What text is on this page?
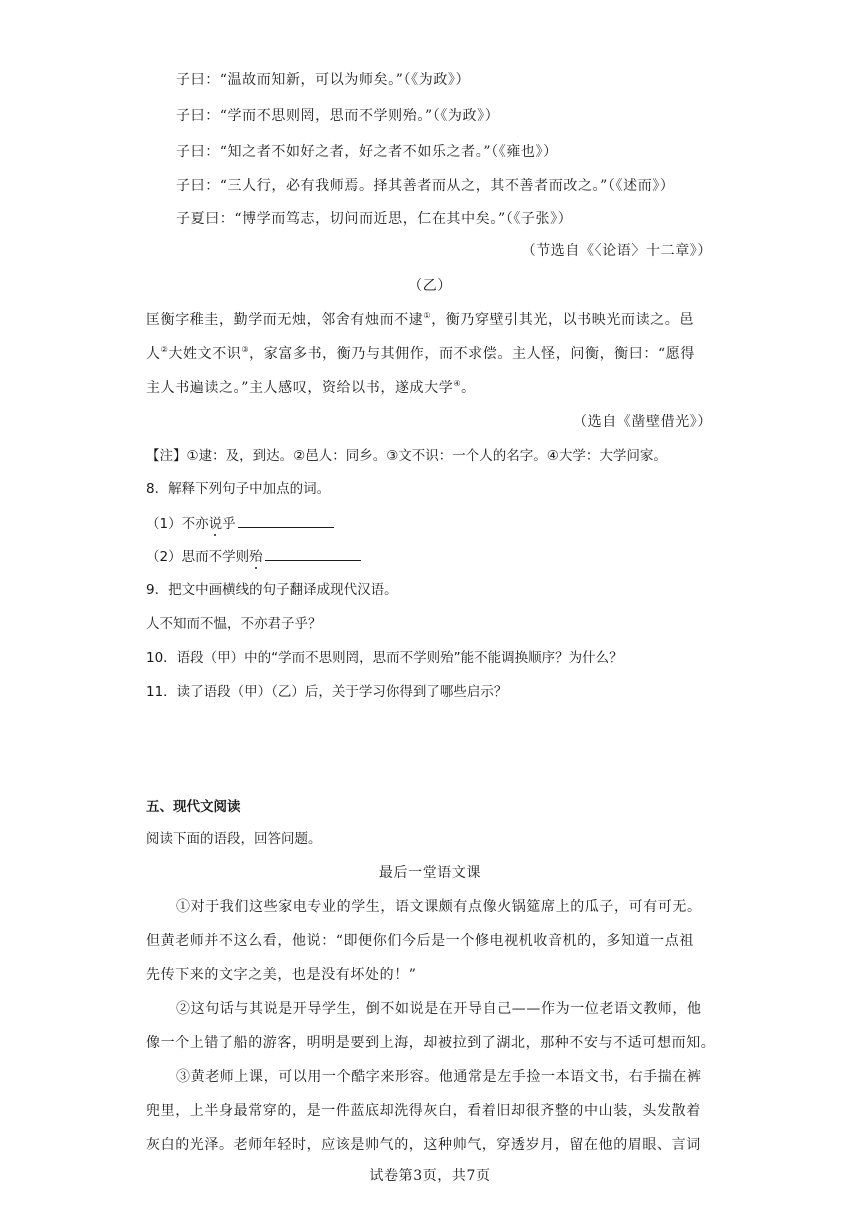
子曰：“温故而知新，可以为师矣。”（《为政》）
子曰：“学而不思则罔，思而不学则殆。”（《为政》）
子曰：“知之者不如好之者，好之者不如乐之者。”（《雍也》）
子曰：“三人行，必有我师焉。择其善者而从之，其不善者而改之。”（《述而》）
子夏曰：“博学而笃志，切问而近思，仁在其中矣。”（《子张》）
（节选自《〈论语〉十二章》）
（乙）
匡衡字稚圭，勤学而无烛，邻舍有烛而不逮①，衡乃穿壁引其光，以书映光而读之。邑
人②大姓文不识③，家富多书，衡乃与其佣作，而不求偿。主人怪，问衡，衡曰：“愿得
主人书遍读之。”主人感叹，资给以书，遂成大学④。
（选自《凿壁借光》）
【注】①逮：及，到达。②邑人：同乡。③文不识：一个人的名字。④大学：大学问家。
8．解释下列句子中加点的词。
（1）不亦说乎
（2）思而不学则殆
9．把文中画横线的句子翻译成现代汉语。
人不知而不愠，不亦君子乎？
10．语段（甲）中的“学而不思则罔，思而不学则殆”能不能调换顺序？为什么？
11．读了语段（甲）（乙）后，关于学习你得到了哪些启示？
五、现代文阅读
阅读下面的语段，回答问题。
最后一堂语文课
①对于我们这些家电专业的学生，语文课颇有点像火锅筵席上的瓜子，可有可无。
但黄老师并不这么看，他说：“即便你们今后是一个修电视机收音机的，多知道一点祖
先传下来的文字之美，也是没有坏处的！”
②这句话与其说是开导学生，倒不如说是在开导自己——作为一位老语文教师，他
像一个上错了船的游客，明明是要到上海，却被拉到了湖北，那种不安与不适可想而知。
③黄老师上课，可以用一个酷字来形容。他通常是左手捡一本语文书，右手揣在裤
兜里，上半身最常穿的，是一件蓝底却洗得灰白，看着旧却很齐整的中山装，头发散着
灰白的光泽。老师年轻时，应该是帅气的，这种帅气，穿透岁月，留在他的眉眼、言词
试卷第3页，共7页
